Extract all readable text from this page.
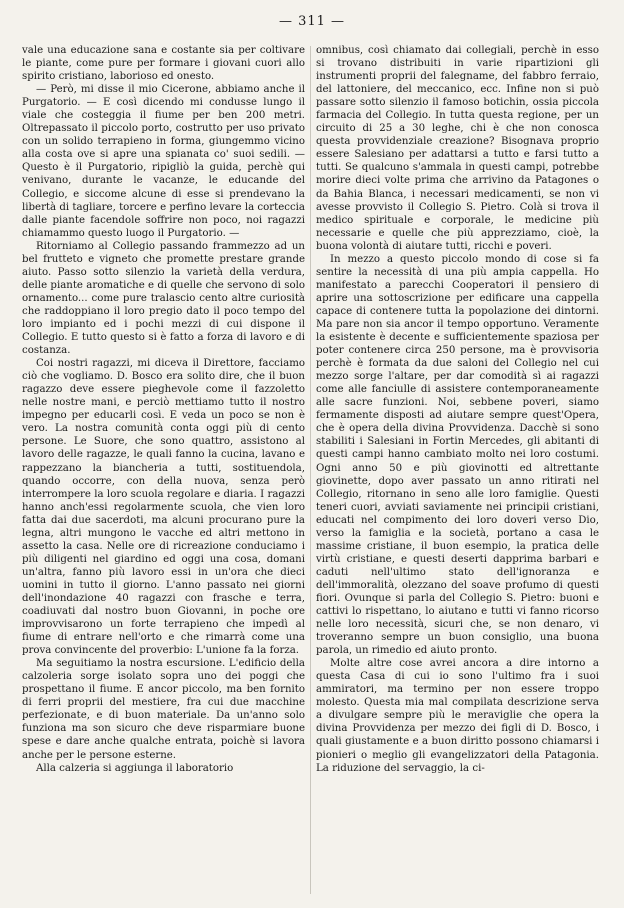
— 311 —

vale una educazione sana e costante sia per coltivare le piante, come pure per formare i giovani cuori allo spirito cristiano, laborioso ed onesto.

— Però, mi disse il mio Cicerone, abbiamo anche il Purgatorio. — E così dicendo mi condusse lungo il viale che costeggia il fiume per ben 200 metri. Oltrepassato il piccolo porto, costrutto per uso privato con un solido terrapieno in forma, giungemmo vicino alla costa ove si apre una spianata co' suoi sedili. —Questo è il Purgatorio, ripigliò la guida, perchè qui venivano, durante le vacanze, le educande del Collegio, e siccome alcune di esse si prendevano la libertà di tagliare, torcere e perfino levare la corteccia dalle piante facendole soffrire non poco, noi ragazzi chiamammo questo luogo il Purgatorio. —

Ritorniamo al Collegio passando frammezzo ad un bel frutteto e vigneto che promette prestare grande aiuto. Passo sotto silenzio la varietà della verdura, delle piante aromatiche e di quelle che servono di solo ornamento... come pure tralascio cento altre curiosità che raddoppiano il loro pregio dato il poco tempo del loro impianto ed i pochi mezzi di cui dispone il Collegio. E tutto questo si è fatto a forza di lavoro e di costanza.

Coi nostri ragazzi, mi diceva il Direttore, facciamo ciò che vogliamo. D. Bosco era solito dire, che il buon ragazzo deve essere pieghevole come il fazzoletto nelle nostre mani, e perciò mettiamo tutto il nostro impegno per educarli così. E veda un poco se non è vero. La nostra comunità conta oggi più di cento persone. Le Suore, che sono quattro, assistono al lavoro delle ragazze, le quali fanno la cucina, lavano e rappezzano la biancheria a tutti, sostituendola, quando occorre, con della nuova, senza però interrompere la loro scuola regolare e diaria. I ragazzi hanno anch'essi regolarmente scuola, che vien loro fatta dai due sacerdoti, ma alcuni procurano pure la legna, altri mungono le vacche ed altri mettono in assetto la casa. Nelle ore di ricreazione conduciamo i più diligenti nel giardino ed oggi una cosa, domani un'altra, fanno più lavoro essi in un'ora che dieci uomini in tutto il giorno. L'anno passato nei giorni dell'inondazione 40 ragazzi con frasche e terra, coadiuvati dal nostro buon Giovanni, in poche ore improvvisarono un forte terrapieno che impedì al fiume di entrare nell'orto e che rimarrà come una prova convincente del proverbio: L'unione fa la forza.

Ma seguitiamo la nostra escursione. L'edificio della calzoleria sorge isolato sopra uno dei poggi che prospettano il fiume. E ancor piccolo, ma ben fornito di ferri proprii del mestiere, fra cui due macchine perfezionate, e di buon materiale. Da un'anno solo funziona ma son sicuro che deve risparmiare buone spese e dare anche qualche entrata, poichè si lavora anche per le persone esterne.

Alla calzeria si aggiunga il laboratorio

omnibus, così chiamato dai collegiali, perchè in esso si trovano distribuiti in varie ripartizioni gli instrumenti proprii del falegname, del fabbro ferraio, del lattoniere, del meccanico, ecc. Infine non si può passare sotto silenzio il famoso botichin, ossia piccola farmacia del Collegio. In tutta questa regione, per un circuito di 25 a 30 leghe, chi è che non conosca questa provvidenziale creazione? Bisognava proprio essere Salesiano per adattarsi a tutto e farsi tutto a tutti. Se qualcuno s'ammala in questi campi, potrebbe morire dieci volte prima che arrivino da Patagones o da Bahia Blanca, i necessari medicamenti, se non vi avesse provvisto il Collegio S. Pietro. Colà si trova il medico spirituale e corporale, le medicine più necessarie e quelle che più apprezziamo, cioè, la buona volontà di aiutare tutti, ricchi e poveri.

In mezzo a questo piccolo mondo di cose si fa sentire la necessità di una più ampia cappella. Ho manifestato a parecchi Cooperatori il pensiero di aprire una sottoscrizione per edificare una cappella capace di contenere tutta la popolazione dei dintorni. Ma pare non sia ancor il tempo opportuno. Veramente la esistente è decente e sufficientemente spaziosa per poter contenere circa 250 persone, ma è provvisoria perchè è formata da due saloni del Collegio nel cui mezzo sorge l'altare, per dar comodità sì ai ragazzi come alle fanciulle di assistere contemporaneamente alle sacre funzioni. Noi, sebbene poveri, siamo fermamente disposti ad aiutare sempre quest'Opera, che è opera della divina Provvidenza. Dacchè si sono stabiliti i Salesiani in Fortin Mercedes, gli abitanti di questi campi hanno cambiato molto nei loro costumi. Ogni anno 50 e più giovinotti ed altrettante giovinette, dopo aver passato un anno ritirati nel Collegio, ritornano in seno alle loro famiglie. Questi teneri cuori, avviati saviamente nei principii cristiani, educati nel compimento dei loro doveri verso Dio, verso la famiglia e la società, portano a casa le massime cristiane, il buon esempio, la pratica delle virtù cristiane, e questi deserti dapprima barbari e caduti nell'ultimo stato dell'ignoranza e dell'immoralità, olezzano del soave profumo di questi fiori. Ovunque si parla del Collegio S. Pietro: buoni e cattivi lo rispettano, lo aiutano e tutti vi fanno ricorso nelle loro necessità, sicuri che, se non denaro, vi troveranno sempre un buon consiglio, una buona parola, un rimedio ed aiuto pronto.

Molte altre cose avrei ancora a dire intorno a questa Casa di cui io sono l'ultimo fra i suoi ammiratori, ma termino per non essere troppo molesto. Questa mia mal compilata descrizione serva a divulgare sempre più le meraviglie che opera la divina Provvidenza per mezzo dei figli di D. Bosco, i quali giustamente e a buon diritto possono chiamarsi i pionieri o meglio gli evangelizzatori della Patagonia. La riduzione del servaggio, la ci-
